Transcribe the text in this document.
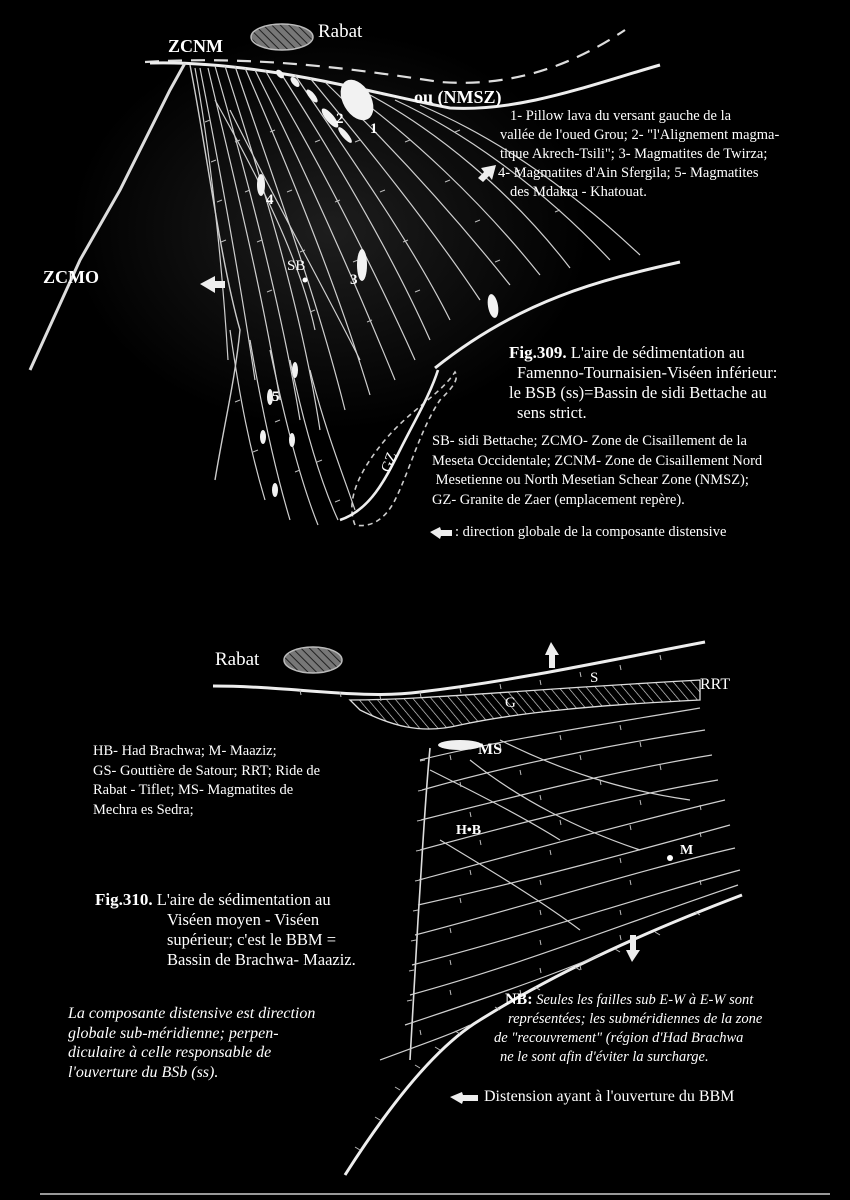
Rabat
ZCNM
ou (NMSZ)
ZCMO
SB
GZ
1
2
3
4
5

1- Pillow lava du versant gauche de la

vallée de l'oued Grou; 2- "l'Alignement magma-

tique Akrech-Tsili"; 3- Magmatites de Twirza;

4- Magmatites d'Ain Sfergila; 5- Magmatites

des Mdakra - Khatouat.

Fig.309. L'aire de sédimentation au

Famenno-Tournaisien-Viséen inférieur:

le BSB (ss)=Bassin de sidi Bettache au

sens strict.

SB- sidi Bettache; ZCMO- Zone de Cisaillement de la

Meseta Occidentale; ZCNM- Zone de Cisaillement Nord

Mesetienne ou North Mesetian Schear Zone (NMSZ);

GZ- Granite de Zaer (emplacement repère).

: direction globale de la composante distensive
Rabat
S	RRT
G
MS
H•B
M

HB- Had Brachwa; M- Maaziz;

GS- Gouttière de Satour; RRT; Ride de

Rabat - Tiflet; MS- Magmatites de

Mechra es Sedra;

Fig.310. L'aire de sédimentation au

Viséen moyen - Viséen

supérieur; c'est le BBM =

Bassin de Brachwa- Maaziz.

La composante distensive est direction

globale sub-méridienne; perpen-

diculaire à celle responsable de

l'ouverture du BSb (ss).

NB: Seules les failles sub E-W à E-W sont

représentées; les subméridiennes de la zone

de "recouvrement" (région d'Had Brachwa

ne le sont afin d'éviter la surcharge.

Distension ayant à l'ouverture du BBM
